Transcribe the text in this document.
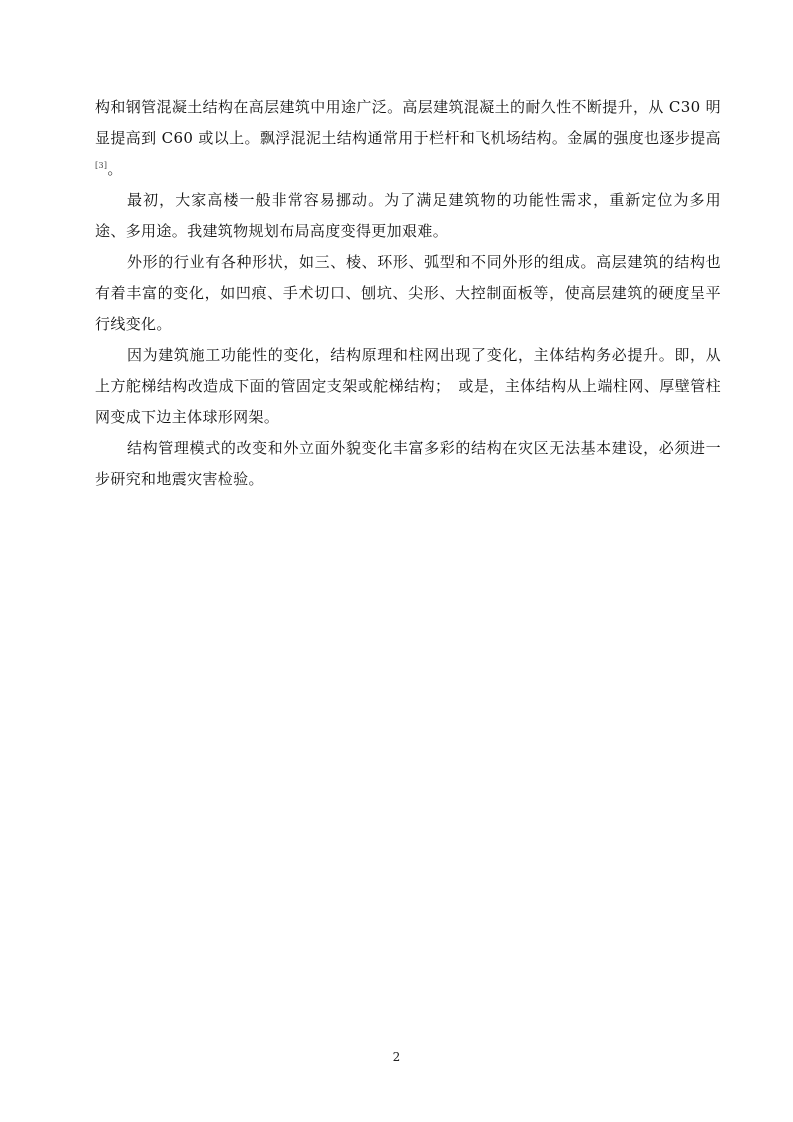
构和钢管混凝土结构在高层建筑中用途广泛。高层建筑混凝土的耐久性不断提升，从 C30 明显提高到 C60 或以上。飘浮混泥土结构通常用于栏杆和飞机场结构。金属的强度也逐步提高[3]。

最初，大家高楼一般非常容易挪动。为了满足建筑物的功能性需求，重新定位为多用途、多用途。我建筑物规划布局高度变得更加艰难。

外形的行业有各种形状，如三、棱、环形、弧型和不同外形的组成。高层建筑的结构也有着丰富的变化，如凹痕、手术切口、刨坑、尖形、大控制面板等，使高层建筑的硬度呈平行线变化。

因为建筑施工功能性的变化，结构原理和柱网出现了变化，主体结构务必提升。即，从上方舵梯结构改造成下面的管固定支架或舵梯结构；　或是，主体结构从上端柱网、厚壁管柱网变成下边主体球形网架。

结构管理模式的改变和外立面外貌变化丰富多彩的结构在灾区无法基本建设，必须进一步研究和地震灾害检验。

2
